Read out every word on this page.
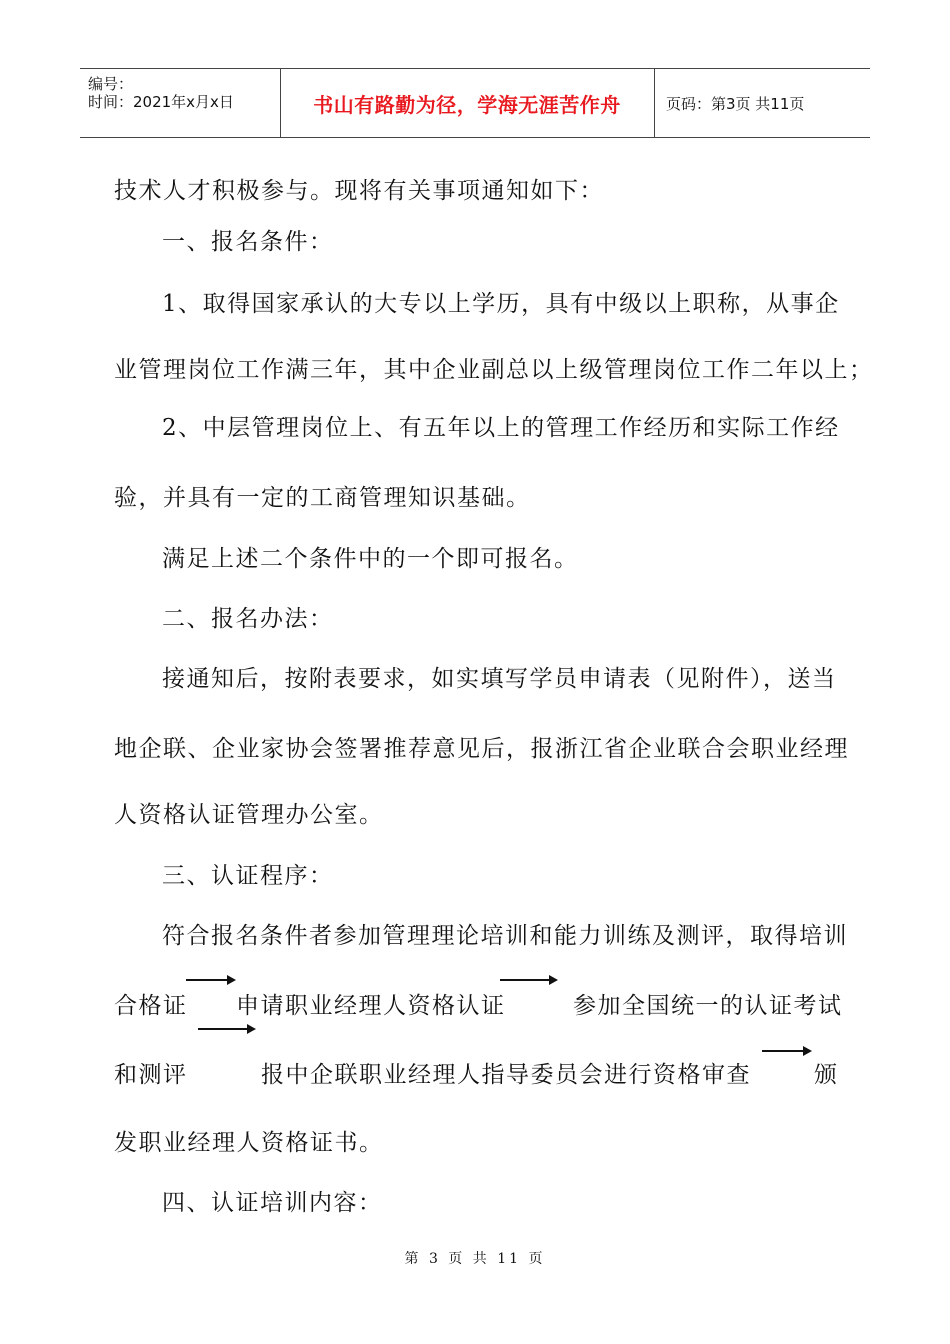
编号：
时间：2021年x月x日	书山有路勤为径，学海无涯苦作舟	页码：第3页 共11页
技术人才积极参与。现将有关事项通知如下：
一、报名条件：
1、取得国家承认的大专以上学历，具有中级以上职称，从事企
业管理岗位工作满三年，其中企业副总以上级管理岗位工作二年以上；
2、中层管理岗位上、有五年以上的管理工作经历和实际工作经
验，并具有一定的工商管理知识基础。
满足上述二个条件中的一个即可报名。
二、报名办法：
接通知后，按附表要求，如实填写学员申请表（见附件），送当
地企联、企业家协会签署推荐意见后，报浙江省企业联合会职业经理
人资格认证管理办公室。
三、认证程序：
符合报名条件者参加管理理论培训和能力训练及测评，取得培训
合格证 申请职业经理人资格认证	参加全国统一的认证考试
和测评	报中企联职业经理人指导委员会进行资格审查	颁
发职业经理人资格证书。
四、认证培训内容：
第 3 页 共 11 页
